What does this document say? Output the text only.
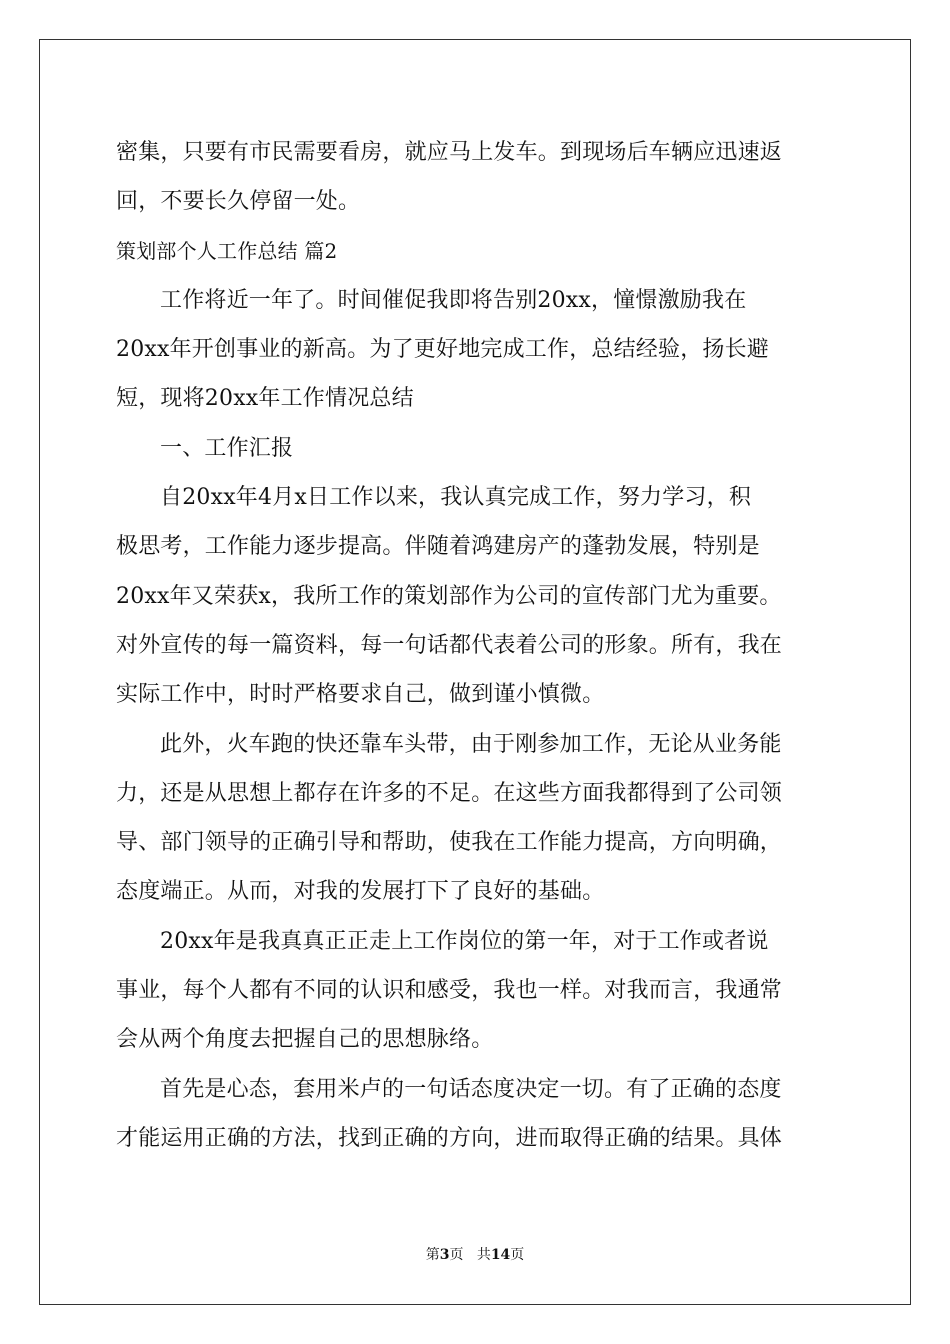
密集，只要有市民需要看房，就应马上发车。到现场后车辆应迅速返
回，不要长久停留一处。
策划部个人工作总结 篇2
工作将近一年了。时间催促我即将告别20xx，憧憬激励我在
20xx年开创事业的新高。为了更好地完成工作，总结经验，扬长避
短，现将20xx年工作情况总结
一、工作汇报
自20xx年4月x日工作以来，我认真完成工作，努力学习，积
极思考，工作能力逐步提高。伴随着鸿建房产的蓬勃发展，特别是
20xx年又荣获x，我所工作的策划部作为公司的宣传部门尤为重要。
对外宣传的每一篇资料，每一句话都代表着公司的形象。所有，我在
实际工作中，时时严格要求自己，做到谨小慎微。
此外，火车跑的快还靠车头带，由于刚参加工作，无论从业务能
力，还是从思想上都存在许多的不足。在这些方面我都得到了公司领
导、部门领导的正确引导和帮助，使我在工作能力提高，方向明确，
态度端正。从而，对我的发展打下了良好的基础。
20xx年是我真真正正走上工作岗位的第一年，对于工作或者说
事业，每个人都有不同的认识和感受，我也一样。对我而言，我通常
会从两个角度去把握自己的思想脉络。
首先是心态，套用米卢的一句话态度决定一切。有了正确的态度
才能运用正确的方法，找到正确的方向，进而取得正确的结果。具体
第3页 共14页
